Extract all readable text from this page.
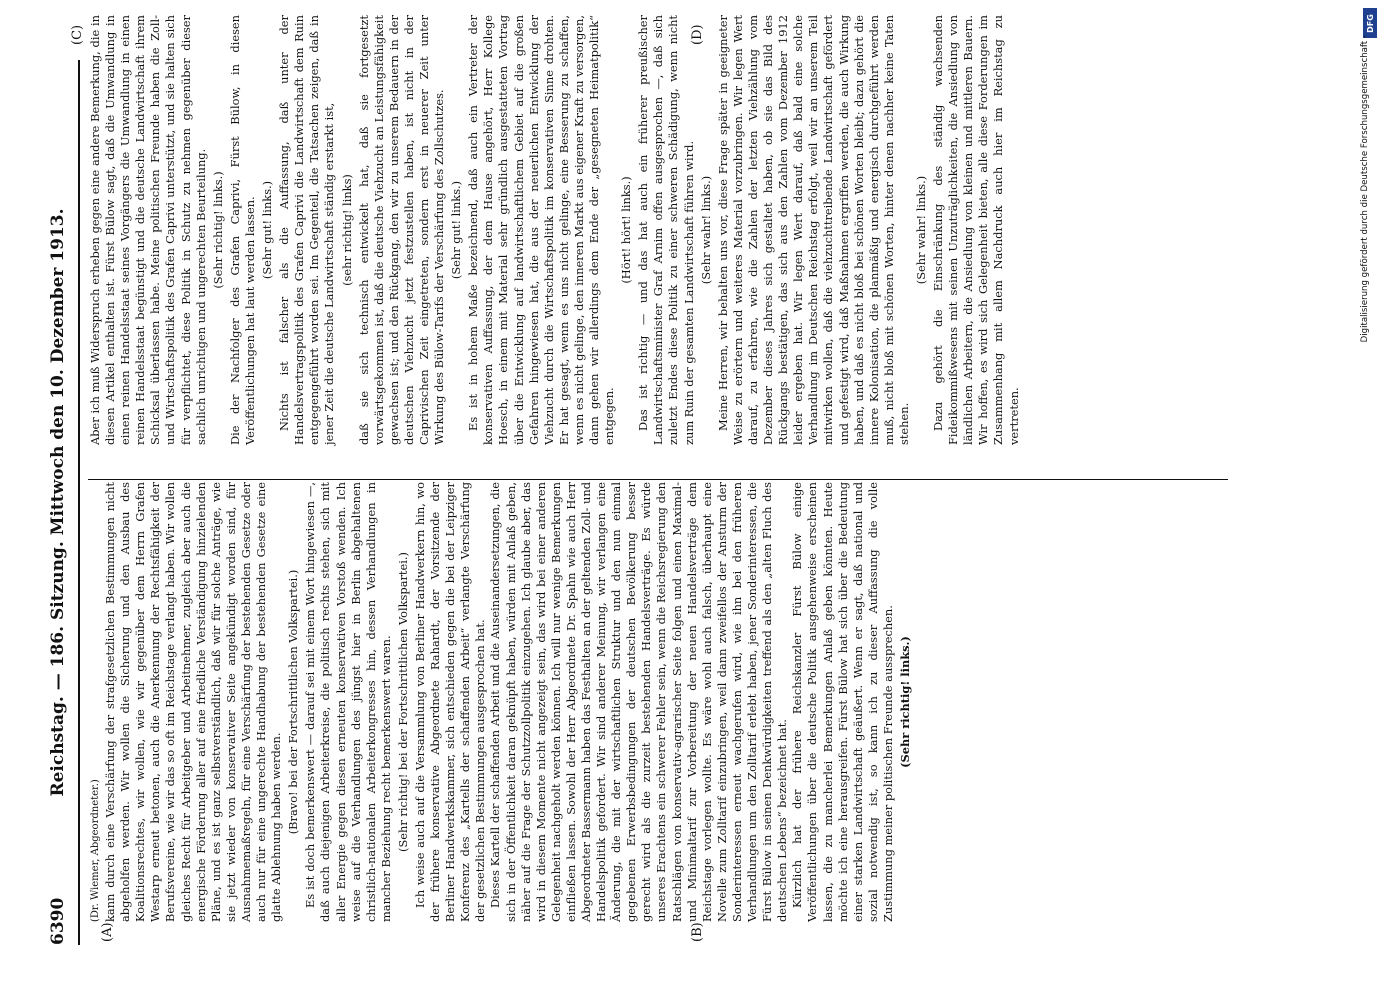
6390
Reichstag. — 186. Sitzung. Mittwoch den 10. Dezember 1913.
(A)	(B)
(C)	(D)

(Dr. Wiemer, Abgeordneter.) kann durch eine Verschärfung der strafgesetzlichen Bestimmungen nicht abgeholfen werden. Wir wollen die Sicherung und den Ausbau des Koalitionsrechtes, wir wollen, wie wir gegenüber dem Herrn Grafen Westarp erneut betonen, auch die Anerkennung der Rechtsfähigkeit der Berufsvereine, wie wir das so oft im Reichstage verlangt haben. Wir wollen gleiches Recht für Arbeitgeber und Arbeitnehmer, zugleich aber auch die energische Förderung aller auf eine friedliche Verständigung hinzielenden Pläne, und es ist ganz selbstverständlich, daß wir für solche Anträge, wie sie jetzt wieder von konservativer Seite angekündigt worden sind, für Ausnahmemaßregeln, für eine Verschärfung der bestehenden Gesetze oder auch nur für eine ungerechte Handhabung der bestehenden Gesetze eine glatte Ablehnung haben werden. (Bravo! bei der Fortschrittlichen Volkspartei.) Es ist doch bemerkenswert — darauf sei mit einem Wort hingewiesen —, daß auch diejenigen Arbeiterkreise, die politisch rechts stehen, sich mit aller Energie gegen diesen erneuten konservativen Vorstoß wenden. Ich weise auf die Verhandlungen des jüngst hier in Berlin abgehaltenen christlich-nationalen Arbeiterkongresses hin, dessen Verhandlungen in mancher Beziehung recht bemerkenswert waren. (Sehr richtig! bei der Fortschrittlichen Volkspartei.) Ich weise auch auf die Versammlung von Berliner Handwerkern hin, wo der frühere konservative Abgeordnete Rahardt, der Vorsitzende der Berliner Handwerkskammer, sich entschieden gegen die bei der Leipziger Konferenz des „Kartells der schaffenden Arbeit“ verlangte Verschärfung der gesetzlichen Bestimmungen ausgesprochen hat. Dieses Kartell der schaffenden Arbeit und die Auseinandersetzungen, die sich in der Öffentlichkeit daran geknüpft haben, würden mit Anlaß geben, näher auf die Frage der Schutzzollpolitik einzugehen. Ich glaube aber, das wird in diesem Momente nicht angezeigt sein, das wird bei einer anderen Gelegenheit nachgeholt werden können. Ich will nur wenige Bemerkungen einfließen lassen. Sowohl der Herr Abgeordnete Dr. Spahn wie auch Herr Abgeordneter Bassermann haben das Festhalten an der geltenden Zoll- und Handelspolitik gefordert. Wir sind anderer Meinung, wir verlangen eine Änderung, die mit der wirtschaftlichen Struktur und den nun einmal gegebenen Erwerbsbedingungen der deutschen Bevölkerung besser gerecht wird als die zurzeit bestehenden Handelsverträge. Es würde unseres Erachtens ein schwerer Fehler sein, wenn die Reichsregierung den Ratschlägen von konservativ-agrarischer Seite folgen und einen Maximal- und Minimaltarif zur Vorbereitung der neuen Handelsverträge dem Reichstage vorlegen wollte. Es wäre wohl auch falsch, überhaupt eine Novelle zum Zolltarif einzubringen, weil dann zweifellos der Ansturm der Sonderinteressen erneut wachgerufen wird, wie ihn bei den früheren Verhandlungen um den Zolltarif erlebt haben, jener Sonderinteressen, die Fürst Bülow in seinen Denkwürdigkeiten treffend als den „alten Fluch des deutschen Lebens“ bezeichnet hat. Kürzlich hat der frühere Reichskanzler Fürst Bülow einige Veröffentlichungen über die deutsche Politik ausgehenweise erscheinen lassen, die zu mancherlei Bemerkungen Anlaß geben könnten. Heute möchte ich eine herausgreifen. Fürst Bülow hat sich über die Bedeutung einer starken Landwirtschaft geäußert. Wenn er sagt, daß national und sozial notwendig ist, so kann ich zu dieser Auffassung die volle Zustimmung meiner politischen Freunde aussprechen. (Sehr richtig! links.)

Aber ich muß Widerspruch erheben gegen eine andere Bemerkung, die in diesen Artikel enthalten ist. Fürst Bülow sagt, daß die Umwandlung in einen reinen Handelsstaat seines Vorgängers die Umwandlung in einen reinen Handelsstaat begünstigt und die deutsche Landwirtschaft ihrem Schicksal überlassen habe. Meine politischen Freunde haben die Zoll- und Wirtschaftspolitik des Grafen Caprivi unterstützt, und sie halten sich für verpflichtet, diese Politik in Schutz zu nehmen gegenüber dieser sachlich unrichtigen und ungerechten Beurteilung. (Sehr richtig! links.) Die der Nachfolger des Grafen Caprivi, Fürst Bülow, in diesen Veröffentlichungen hat laut werden lassen. (Sehr gut! links.) Nichts ist falscher als die Auffassung, daß unter der Handelsvertragspolitik des Grafen Caprivi die Landwirtschaft dem Ruin entgegengeführt worden sei. Im Gegenteil, die Tatsachen zeigen, daß in jener Zeit die deutsche Landwirtschaft ständig erstarkt ist, (sehr richtig! links) daß sie sich technisch entwickelt hat, daß sie fortgesetzt vorwärtsgekommen ist, daß die deutsche Viehzucht an Leistungsfähigkeit gewachsen ist; und den Rückgang, den wir zu unserem Bedauern in der deutschen Viehzucht jetzt festzustellen haben, ist nicht in der Caprivischen Zeit eingetreten, sondern erst in neuerer Zeit unter Wirkung des Bülow-Tarifs der Verschärfung des Zollschutzes. (Sehr gut! links.) Es ist in hohem Maße bezeichnend, daß auch ein Vertreter der konservativen Auffassung, der dem Hause angehört, Herr Kollege Hoesch, in einem mit Material sehr gründlich ausgestatteten Vortrag über die Entwicklung auf landwirtschaftlichem Gebiet auf die großen Gefahren hingewiesen hat, die aus der neuerlichen Entwicklung der Viehzucht durch die Wirtschaftspolitik im konservativen Sinne drohten. Er hat gesagt, wenn es uns nicht gelinge, eine Besserung zu schaffen, wenn es nicht gelinge, den inneren Markt aus eigener Kraft zu versorgen, dann gehen wir allerdings dem Ende der „gesegneten Heimatpolitik“ entgegen.

(Hört! hört! links.) Das ist richtig — und das hat auch ein früherer preußischer Landwirtschaftsminister Graf Arnim offen ausgesprochen —, daß sich zuletzt Endes diese Politik zu einer schweren Schädigung, wenn nicht zum Ruin der gesamten Landwirtschaft führen wird. (Sehr wahr! links.) Meine Herren, wir behalten uns vor, diese Frage später in geeigneter Weise zu erörtern und weiteres Material vorzubringen. Wir legen Wert darauf, zu erfahren, wie die Zahlen der letzten Viehzählung vom Dezember dieses Jahres sich gestaltet haben, ob sie das Bild des Rückgangs bestätigen, das sich aus den Zahlen vom Dezember 1912 leider ergeben hat. Wir legen Wert darauf, daß bald eine solche Verhandlung im Deutschen Reichstag erfolgt, weil wir an unserem Teil mitwirken wollen, daß die viehzuchttreibende Landwirtschaft gefördert und gefestigt wird, daß Maßnahmen ergriffen werden, die auch Wirkung haben, und daß es nicht bloß bei schönen Worten bleibt; dazu gehört die innere Kolonisation, die planmäßig und energisch durchgeführt werden muß, nicht bloß mit schönen Worten, hinter denen nachher keine Taten stehen.

(Sehr wahr! links.) Dazu gehört die Einschränkung des ständig wachsenden Fideikommißwesens mit seinen Unzuträglichkeiten, die Ansiedlung von ländlichen Arbeitern, die Ansiedlung von kleinen und mittleren Bauern. Wir hoffen, es wird sich Gelegenheit bieten, alle diese Forderungen im Zusammenhang mit allem Nachdruck auch hier im Reichstag zu vertreten.

DFG
Digitalisierung gefördert durch die Deutsche Forschungsgemeinschaft -
